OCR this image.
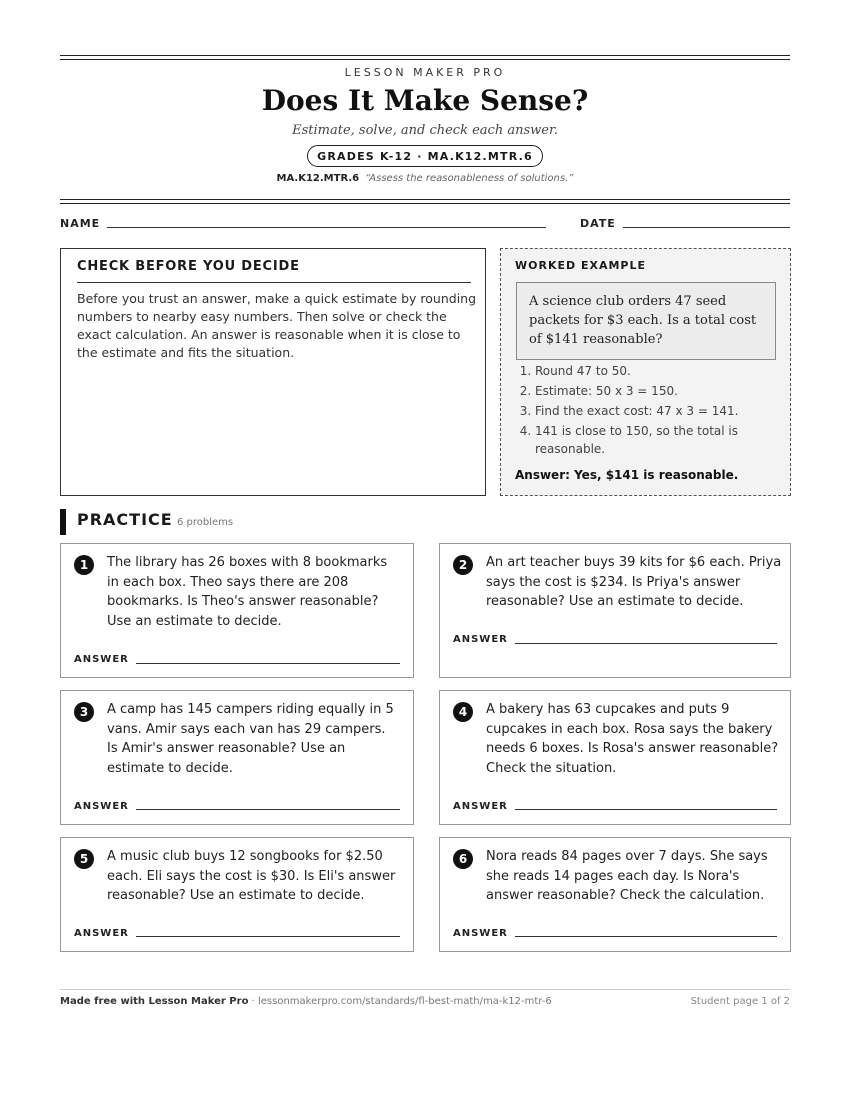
LESSON MAKER PRO
Does It Make Sense?
Estimate, solve, and check each answer.
GRADES K-12 · MA.K12.MTR.6
MA.K12.MTR.6 “Assess the reasonableness of solutions.”
NAME	DATE
CHECK BEFORE YOU DECIDE
Before you trust an answer, make a quick estimate by rounding numbers to nearby easy numbers. Then solve or check the exact calculation. An answer is reasonable when it is close to the estimate and fits the situation.
WORKED EXAMPLE
A science club orders 47 seed packets for $3 each. Is a total cost of $141 reasonable?
1. Round 47 to 50.
2. Estimate: 50 x 3 = 150.
3. Find the exact cost: 47 x 3 = 141.
4. 141 is close to 150, so the total is reasonable.
Answer: Yes, $141 is reasonable.
PRACTICE 6 problems
1	The library has 26 boxes with 8 bookmarks in each box. Theo says there are 208 bookmarks. Is Theo's answer reasonable? Use an estimate to decide.
ANSWER
2	An art teacher buys 39 kits for $6 each. Priya says the cost is $234. Is Priya's answer reasonable? Use an estimate to decide.
ANSWER
3	A camp has 145 campers riding equally in 5 vans. Amir says each van has 29 campers. Is Amir's answer reasonable? Use an estimate to decide.
ANSWER
4	A bakery has 63 cupcakes and puts 9 cupcakes in each box. Rosa says the bakery needs 6 boxes. Is Rosa's answer reasonable? Check the situation.
ANSWER
5	A music club buys 12 songbooks for $2.50 each. Eli says the cost is $30. Is Eli's answer reasonable? Use an estimate to decide.
ANSWER
6	Nora reads 84 pages over 7 days. She says she reads 14 pages each day. Is Nora's answer reasonable? Check the calculation.
ANSWER
Made free with Lesson Maker Pro · lessonmakerpro.com/standards/fl-best-math/ma-k12-mtr-6	Student page 1 of 2
